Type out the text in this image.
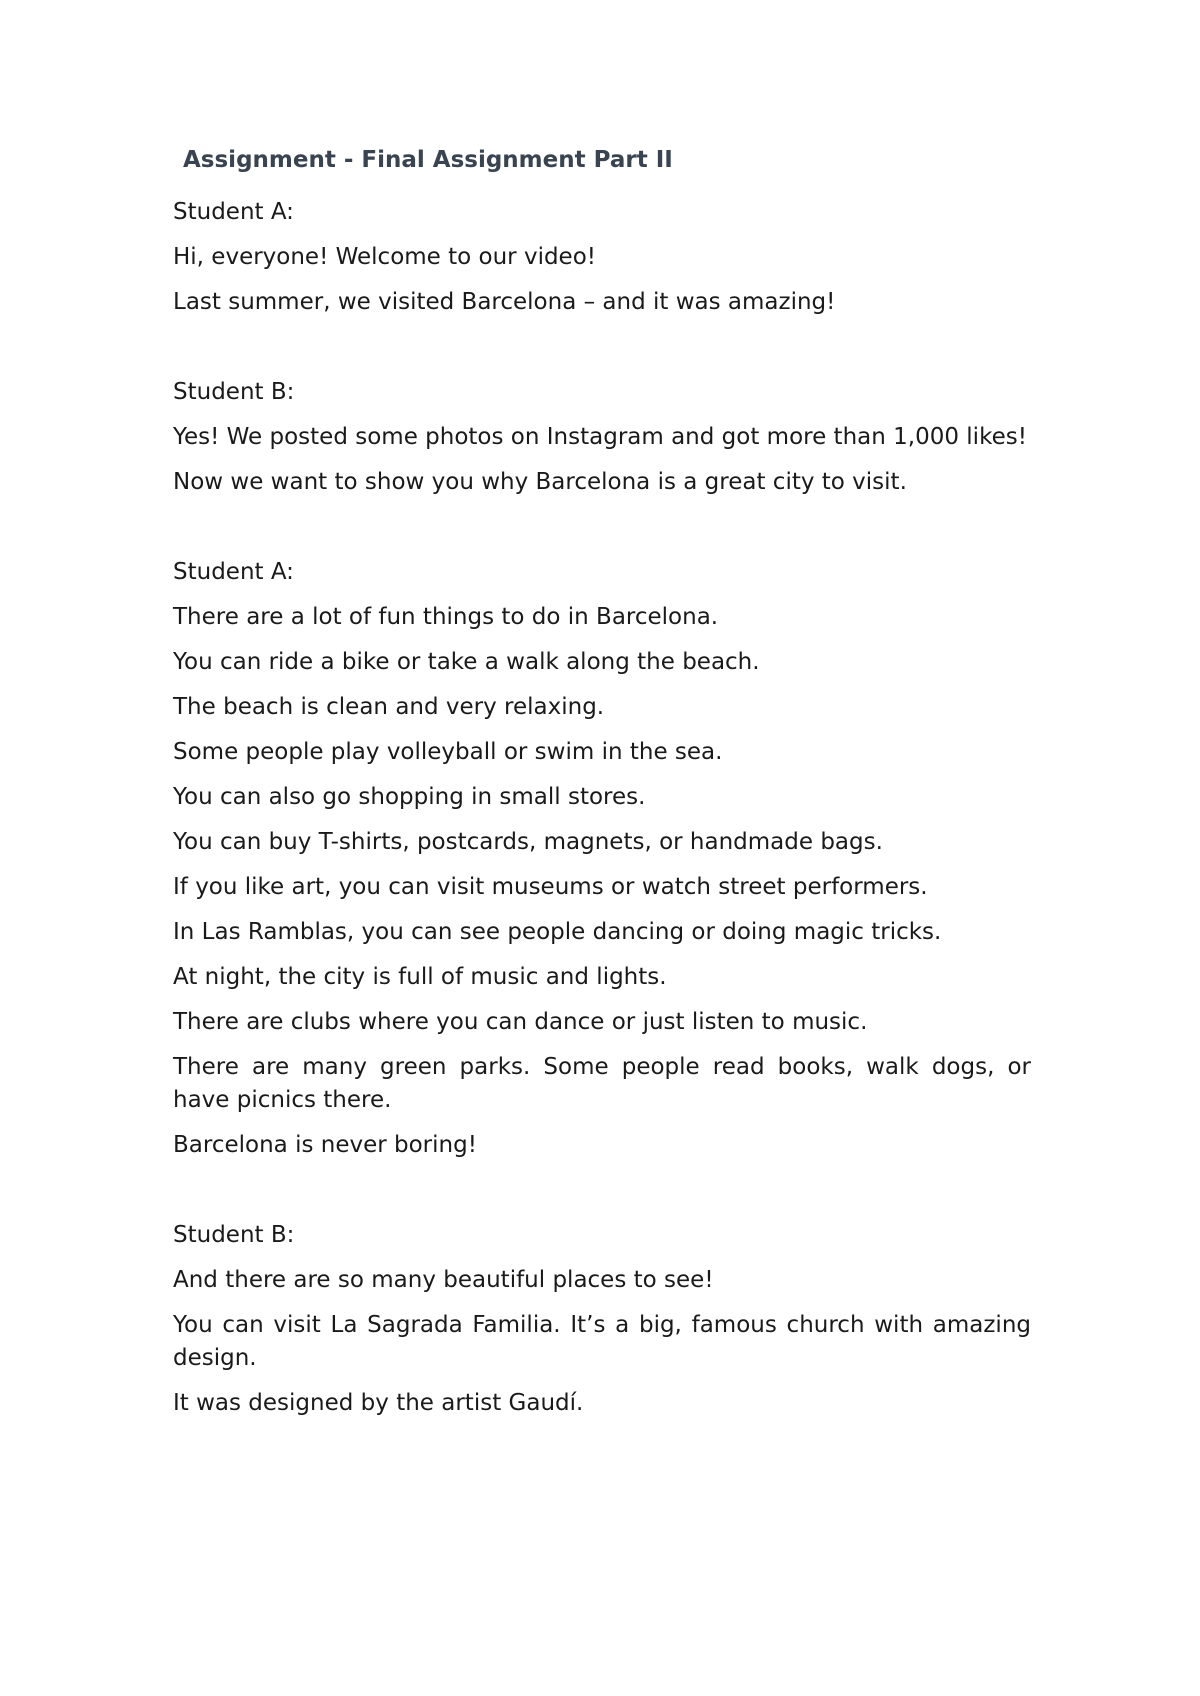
Assignment - Final Assignment Part II

Student A:

Hi, everyone! Welcome to our video!

Last summer, we visited Barcelona – and it was amazing!

Student B:

Yes! We posted some photos on Instagram and got more than 1,000 likes!

Now we want to show you why Barcelona is a great city to visit.

Student A:

There are a lot of fun things to do in Barcelona.

You can ride a bike or take a walk along the beach.

The beach is clean and very relaxing.

Some people play volleyball or swim in the sea.

You can also go shopping in small stores.

You can buy T-shirts, postcards, magnets, or handmade bags.

If you like art, you can visit museums or watch street performers.

In Las Ramblas, you can see people dancing or doing magic tricks.

At night, the city is full of music and lights.

There are clubs where you can dance or just listen to music.

There are many green parks. Some people read books, walk dogs, or have picnics there.

Barcelona is never boring!

Student B:

And there are so many beautiful places to see!

You can visit La Sagrada Familia. It’s a big, famous church with amazing design.

It was designed by the artist Gaudí.
